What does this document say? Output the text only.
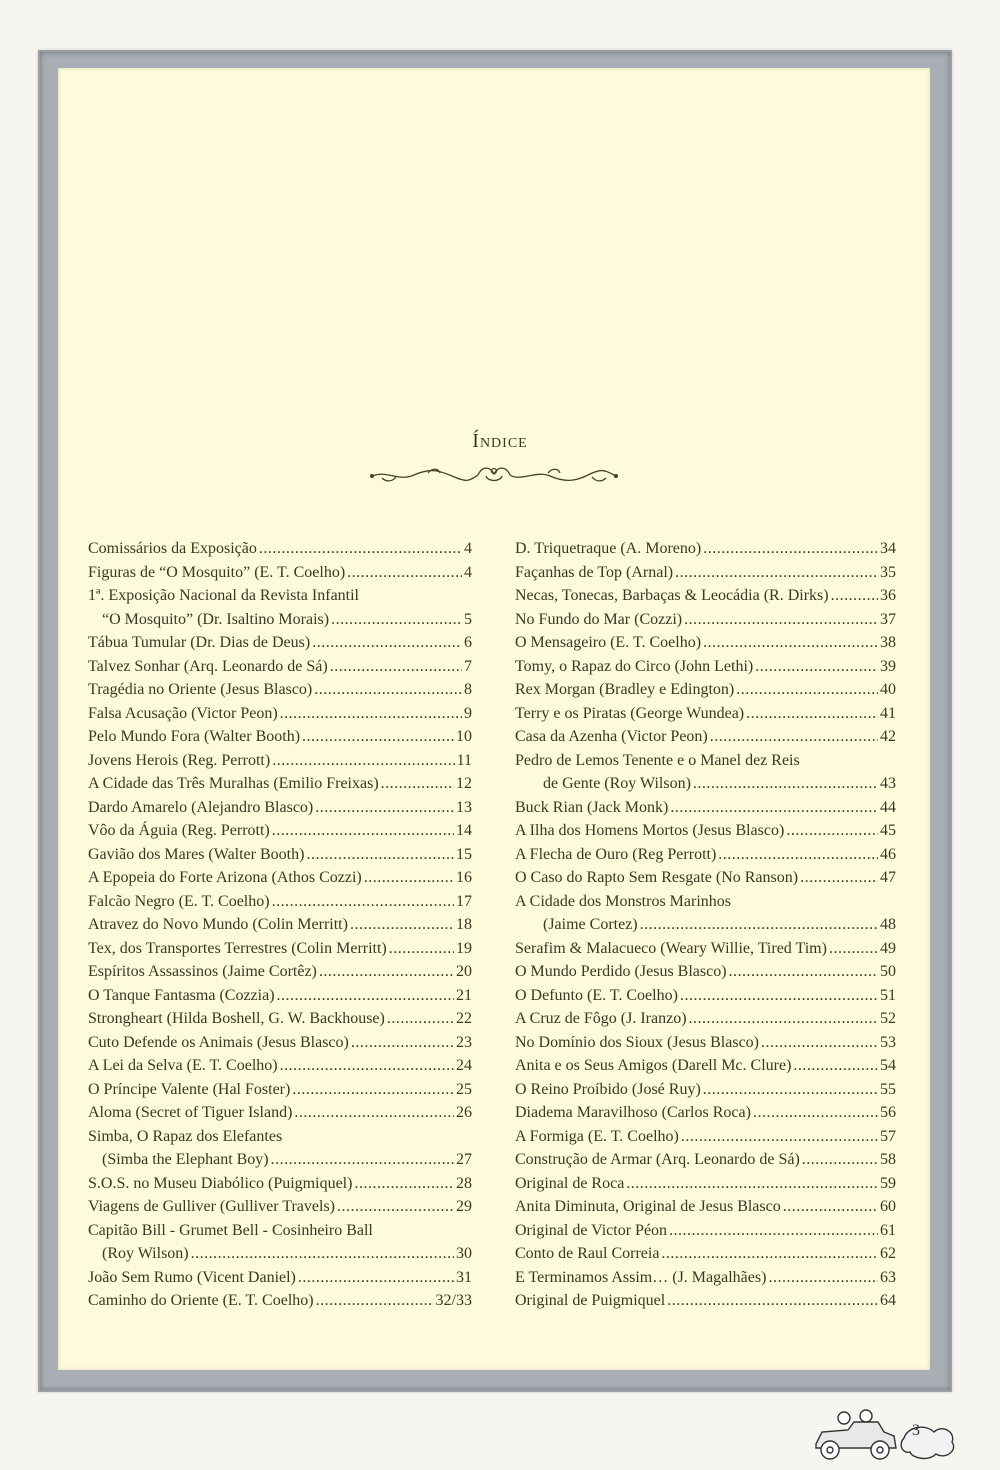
Índice
Comissários da Exposição .....	4
Figuras de “O Mosquito” (E. T. Coelho) .....	4
1ª. Exposição Nacional da Revista Infantil
“O Mosquito” (Dr. Isaltino Morais) .....	5
Tábua Tumular (Dr. Dias de Deus) .....	6
Talvez Sonhar (Arq. Leonardo de Sá) .....	7
Tragédia no Oriente (Jesus Blasco) .....	8
Falsa Acusação (Victor Peon) .....	9
Pelo Mundo Fora (Walter Booth) .....	10
Jovens Herois (Reg. Perrott) .....	11
A Cidade das Três Muralhas (Emilio Freixas) .....	12
Dardo Amarelo (Alejandro Blasco) .....	13
Vôo da Águia (Reg. Perrott) .....	14
Gavião dos Mares (Walter Booth) .....	15
A Epopeia do Forte Arizona (Athos Cozzi) .....	16
Falcão Negro (E. T. Coelho) .....	17
Atravez do Novo Mundo (Colin Merritt) .....	18
Tex, dos Transportes Terrestres (Colin Merritt) .....	19
Espíritos Assassinos (Jaime Cortêz) .....	20
O Tanque Fantasma (Cozzia) .....	21
Strongheart (Hilda Boshell, G. W. Backhouse) .....	22
Cuto Defende os Animais (Jesus Blasco) .....	23
A Lei da Selva (E. T. Coelho) .....	24
O Príncipe Valente (Hal Foster) .....	25
Aloma (Secret of Tiguer Island) .....	26
Simba, O Rapaz dos Elefantes
(Simba the Elephant Boy) .....	27
S.O.S. no Museu Diabólico (Puigmiquel) .....	28
Viagens de Gulliver (Gulliver Travels) .....	29
Capitão Bill - Grumet Bell - Cosinheiro Ball
(Roy Wilson) .....	30
João Sem Rumo (Vicent Daniel) .....	31
Caminho do Oriente (E. T. Coelho) .....	32/33
D. Triquetraque (A. Moreno) .....	34
Façanhas de Top (Arnal) .....	35
Necas, Tonecas, Barbaças & Leocádia (R. Dirks) .....	36
No Fundo do Mar (Cozzi) .....	37
O Mensageiro (E. T. Coelho) .....	38
Tomy, o Rapaz do Circo (John Lethi) .....	39
Rex Morgan (Bradley e Edington) .....	40
Terry e os Piratas (George Wundea) .....	41
Casa da Azenha (Victor Peon) .....	42
Pedro de Lemos Tenente e o Manel dez Reis
de Gente (Roy Wilson) .....	43
Buck Rian (Jack Monk) .....	44
A Ilha dos Homens Mortos (Jesus Blasco) .....	45
A Flecha de Ouro (Reg Perrott) .....	46
O Caso do Rapto Sem Resgate (No Ranson) .....	47
A Cidade dos Monstros Marinhos
(Jaime Cortez) .....	48
Serafim & Malacueco (Weary Willie, Tired Tim) .....	49
O Mundo Perdido (Jesus Blasco) .....	50
O Defunto (E. T. Coelho) .....	51
A Cruz de Fôgo (J. Iranzo) .....	52
No Domínio dos Sioux (Jesus Blasco) .....	53
Anita e os Seus Amigos (Darell Mc. Clure) .....	54
O Reino Proíbido (José Ruy) .....	55
Diadema Maravilhoso (Carlos Roca) .....	56
A Formiga (E. T. Coelho) .....	57
Construção de Armar (Arq. Leonardo de Sá) .....	58
Original de Roca .....	59
Anita Diminuta, Original de Jesus Blasco .....	60
Original de Victor Péon .....	61
Conto de Raul Correia .....	62
E Terminamos Assim… (J. Magalhães) .....	63
Original de Puigmiquel .....	64
3
